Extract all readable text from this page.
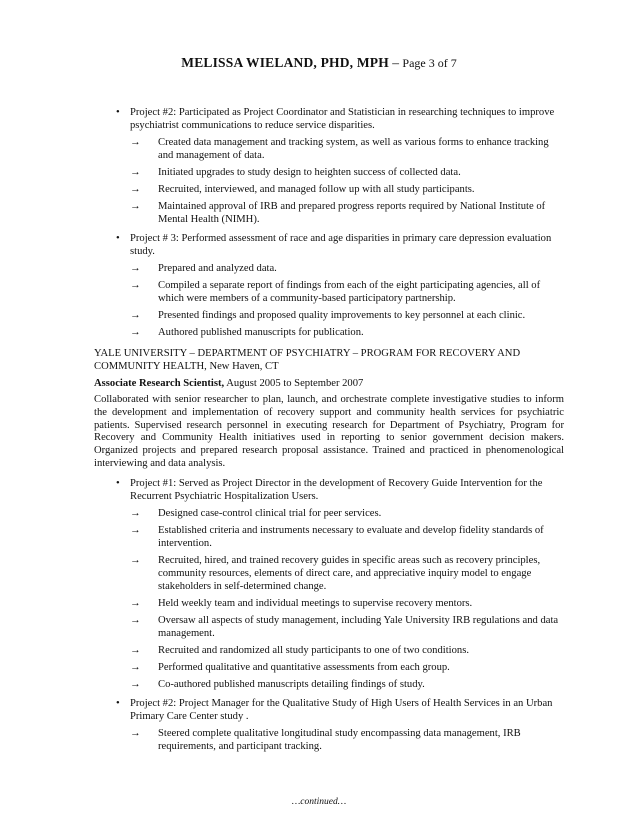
MELISSA WIELAND, PHD, MPH – Page 3 of 7
• Project #2: Participated as Project Coordinator and Statistician in researching techniques to improve psychiatrist communications to reduce service disparities.
→ Created data management and tracking system, as well as various forms to enhance tracking and management of data.
→ Initiated upgrades to study design to heighten success of collected data.
→ Recruited, interviewed, and managed follow up with all study participants.
→ Maintained approval of IRB and prepared progress reports required by National Institute of Mental Health (NIMH).
• Project # 3: Performed assessment of race and age disparities in primary care depression evaluation study.
→ Prepared and analyzed data.
→ Compiled a separate report of findings from each of the eight participating agencies, all of which were members of a community-based participatory partnership.
→ Presented findings and proposed quality improvements to key personnel at each clinic.
→ Authored published manuscripts for publication.
YALE UNIVERSITY – DEPARTMENT OF PSYCHIATRY – PROGRAM FOR RECOVERY AND
COMMUNITY HEALTH, New Haven, CT
Associate Research Scientist, August 2005 to September 2007
Collaborated with senior researcher to plan, launch, and orchestrate complete investigative studies to inform the development and implementation of recovery support and community health services for psychiatric patients. Supervised research personnel in executing research for Department of Psychiatry, Program for Recovery and Community Health initiatives used in reporting to senior government decision makers. Organized projects and prepared research proposal assistance. Trained and practiced in phenomenological interviewing and data analysis.
• Project #1: Served as Project Director in the development of Recovery Guide Intervention for the Recurrent Psychiatric Hospitalization Users.
→ Designed case-control clinical trial for peer services.
→ Established criteria and instruments necessary to evaluate and develop fidelity standards of intervention.
→ Recruited, hired, and trained recovery guides in specific areas such as recovery principles, community resources, elements of direct care, and appreciative inquiry model to engage stakeholders in self-determined change.
→ Held weekly team and individual meetings to supervise recovery mentors.
→ Oversaw all aspects of study management, including Yale University IRB regulations and data management.
→ Recruited and randomized all study participants to one of two conditions.
→ Performed qualitative and quantitative assessments from each group.
→ Co-authored published manuscripts detailing findings of study.
• Project #2: Project Manager for the Qualitative Study of High Users of Health Services in an Urban Primary Care Center study .
→ Steered complete qualitative longitudinal study encompassing data management, IRB requirements, and participant tracking.
…continued…
